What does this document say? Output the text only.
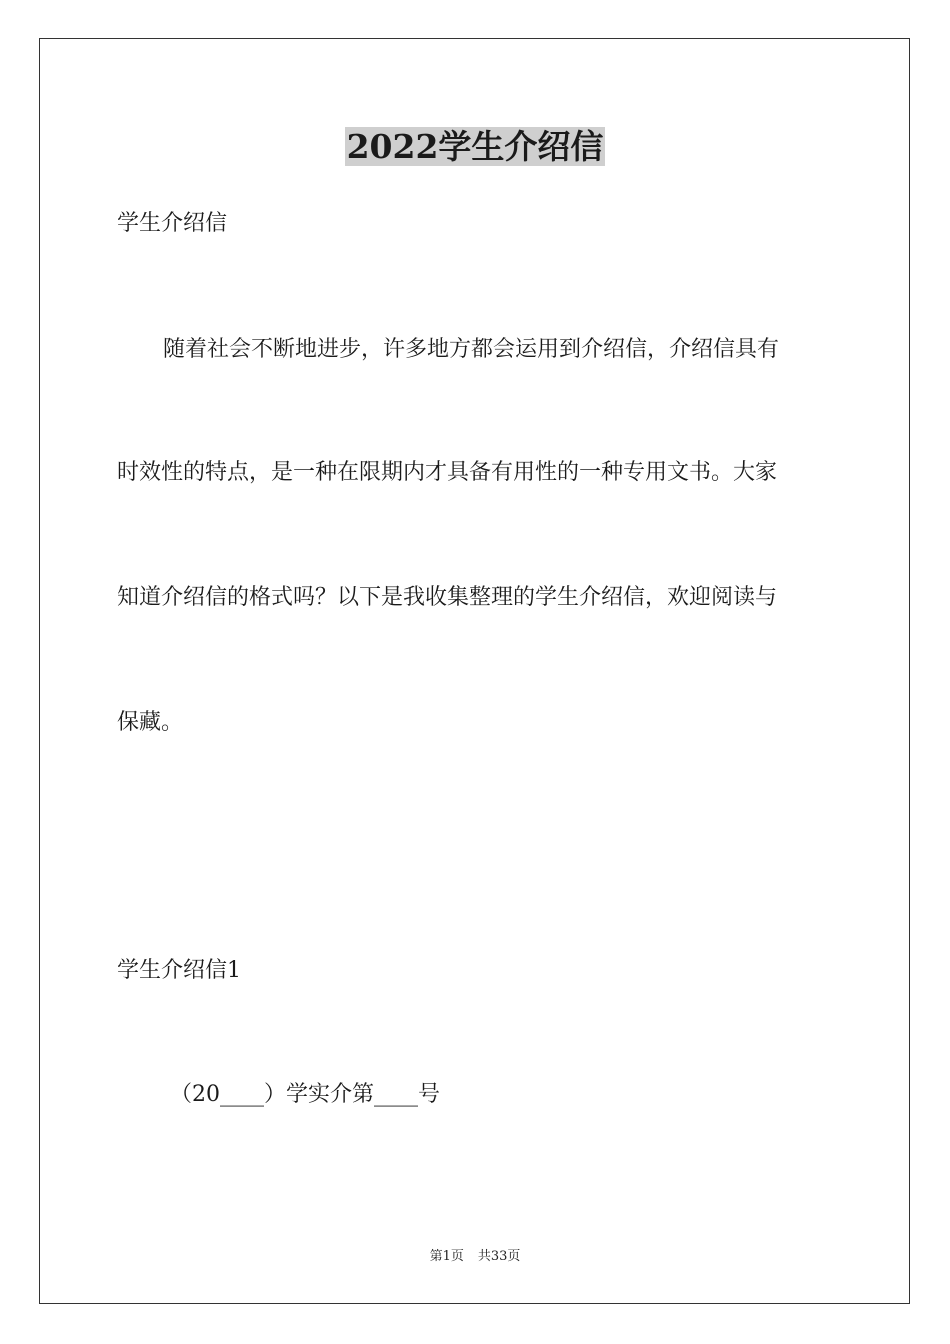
2022学生介绍信
学生介绍信
随着社会不断地进步，许多地方都会运用到介绍信，介绍信具有
时效性的特点，是一种在限期内才具备有用性的一种专用文书。大家
知道介绍信的格式吗？以下是我收集整理的学生介绍信，欢迎阅读与
保藏。
学生介绍信1
（20____）学实介第____号
第1页 共33页
